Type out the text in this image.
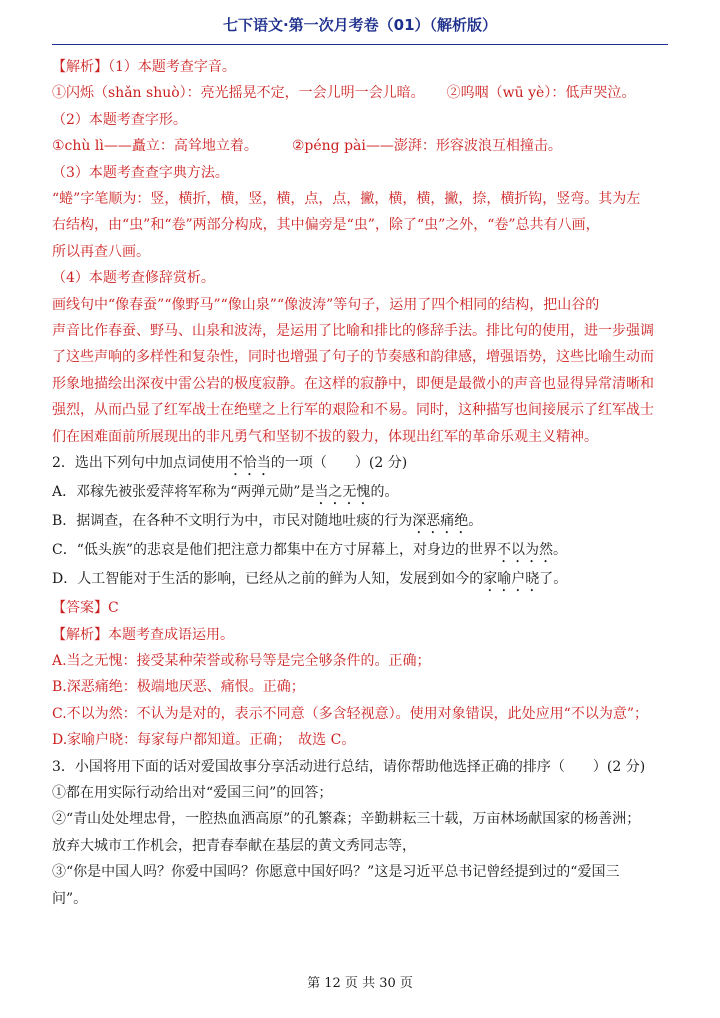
七下语文·第一次月考卷（01）（解析版）
【解析】（1）本题考查字音。
①闪烁（shǎn shuò）：亮光摇晃不定，一会儿明一会儿暗。 ②呜咽（wū yè）：低声哭泣。
（2）本题考查字形。
①chù lì——矗立：高耸地立着。 ②péng pài——澎湃：形容波浪互相撞击。
（3）本题考查查字典方法。
“蜷”字笔顺为：竖，横折，横，竖，横，点，点，撇，横，横，撇，捺，横折钩，竖弯。其为左
右结构，由“虫”和“卷”两部分构成，其中偏旁是“虫”，除了“虫”之外，“卷”总共有八画，
所以再查八画。
（4）本题考查修辞赏析。
画线句中“像春蚕”“像野马”“像山泉”“像波涛”等句子，运用了四个相同的结构，把山谷的
声音比作春蚕、野马、山泉和波涛，是运用了比喻和排比的修辞手法。排比句的使用，进一步强调
了这些声响的多样性和复杂性，同时也增强了句子的节奏感和韵律感，增强语势，这些比喻生动而
形象地描绘出深夜中雷公岩的极度寂静。在这样的寂静中，即便是最微小的声音也显得异常清晰和
强烈，从而凸显了红军战士在绝壁之上行军的艰险和不易。同时，这种描写也间接展示了红军战士
们在困难面前所展现出的非凡勇气和坚韧不拔的毅力，体现出红军的革命乐观主义精神。
2．选出下列句中加点词使用不恰当的一项（　　）(2 分)
A．邓稼先被张爱萍将军称为“两弹元勋”是当之无愧的。
B．据调查，在各种不文明行为中，市民对随地吐痰的行为深恶痛绝。
C．“低头族”的悲哀是他们把注意力都集中在方寸屏幕上，对身边的世界不以为然。
D．人工智能对于生活的影响，已经从之前的鲜为人知，发展到如今的家喻户晓了。
【答案】C
【解析】本题考查成语运用。
A.当之无愧：接受某种荣誉或称号等是完全够条件的。正确；
B.深恶痛绝：极端地厌恶、痛恨。正确；
C.不以为然：不认为是对的，表示不同意（多含轻视意）。使用对象错误，此处应用“不以为意”；
D.家喻户晓：每家每户都知道。正确；　故选 C。
3．小国将用下面的话对爱国故事分享活动进行总结，请你帮助他选择正确的排序（　　）(2 分)
①都在用实际行动给出对“爱国三问”的回答；
②“青山处处埋忠骨，一腔热血洒高原”的孔繁森；辛勤耕耘三十载，万亩林场献国家的杨善洲；
放弃大城市工作机会，把青春奉献在基层的黄文秀同志等，
③“你是中国人吗？你爱中国吗？你愿意中国好吗？”这是习近平总书记曾经提到过的“爱国三
问”。
第 12 页 共 30 页
